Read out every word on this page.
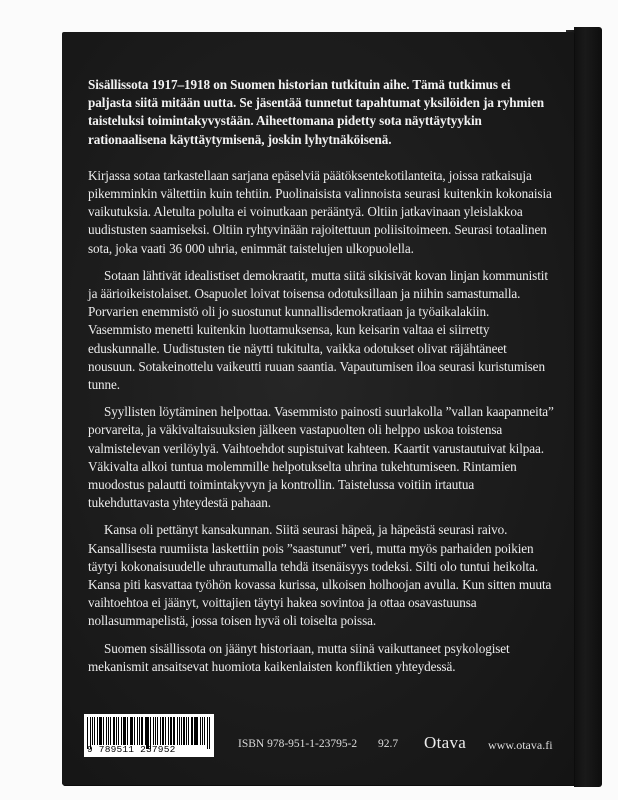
Sisällissota 1917–1918 on Suomen historian tutkituin aihe. Tämä tutkimus ei paljasta siitä mitään uutta. Se jäsentää tunnetut tapahtumat yksilöiden ja ryhmien taisteluksi toimintakyvystään. Aiheettomana pidetty sota näyttäytyykin rationaalisena käyttäytymisenä, joskin lyhytnäköisenä.

Kirjassa sotaa tarkastellaan sarjana epäselviä päätöksentekotilanteita, joissa ratkaisuja pikemminkin vältettiin kuin tehtiin. Puolinaisista valinnoista seurasi kuitenkin kokonaisia vaikutuksia. Aletulta polulta ei voinutkaan perääntyä. Oltiin jatkavinaan yleislakkoa uudistusten saamiseksi. Oltiin ryhtyvinään rajoitettuun poliisitoimeen. Seurasi totaalinen sota, joka vaati 36 000 uhria, enimmät taistelujen ulkopuolella.

Sotaan lähtivät idealistiset demokraatit, mutta siitä sikisivät kovan linjan kommunistit ja äärioikeistolaiset. Osapuolet loivat toisensa odotuksillaan ja niihin samastumalla. Porvarien enemmistö oli jo suostunut kunnallisdemokratiaan ja työaikalakiin. Vasemmisto menetti kuitenkin luottamuksensa, kun keisarin valtaa ei siirretty eduskunnalle. Uudistusten tie näytti tukitulta, vaikka odotukset olivat räjähtäneet nousuun. Sotakeinottelu vaikeutti ruuan saantia. Vapautumisen iloa seurasi kuristumisen tunne.

Syyllisten löytäminen helpottaa. Vasemmisto painosti suurlakolla ”vallan kaapanneita” porvareita, ja väkivaltaisuuksien jälkeen vastapuolten oli helppo uskoa toistensa valmistelevan verilöylyä. Vaihtoehdot supistuivat kahteen. Kaartit varustautuivat kilpaa. Väkivalta alkoi tuntua molemmille helpotukselta uhrina tukehtumiseen. Rintamien muodostus palautti toimintakyvyn ja kontrollin. Taistelussa voitiin irtautua tukehduttavasta yhteydestä pahaan.

Kansa oli pettänyt kansakunnan. Siitä seurasi häpeä, ja häpeästä seurasi raivo. Kansallisesta ruumiista laskettiin pois ”saastunut” veri, mutta myös parhaiden poikien täytyi kokonaisuudelle uhrautumalla tehdä itsenäisyys todeksi. Silti olo tuntui heikolta. Kansa piti kasvattaa työhön kovassa kurissa, ulkoisen holhoojan avulla. Kun sitten muuta vaihtoehtoa ei jäänyt, voittajien täytyi hakea sovintoa ja ottaa osavastuunsa nollasummapelistä, jossa toisen hyvä oli toiselta poissa.

Suomen sisällissota on jäänyt historiaan, mutta siinä vaikuttaneet psykologiset mekanismit ansaitsevat huomiota kaikenlaisten konfliktien yhteydessä.

9 789511 237952	ISBN 978-951-1-23795-2 92.7 Otava www.otava.fi
